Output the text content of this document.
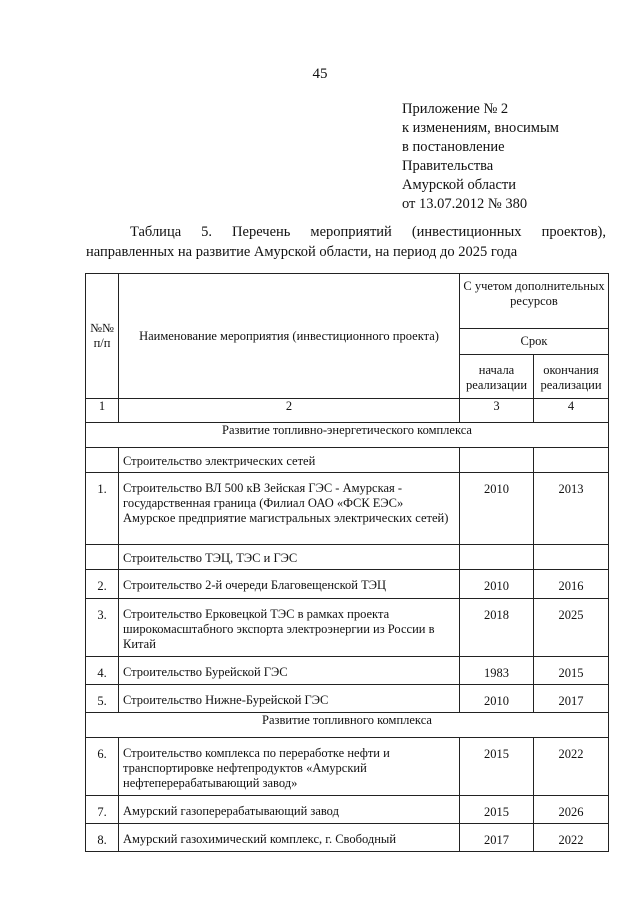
45
Приложение № 2
к изменениям, вносимым
в постановление
Правительства
Амурской области
от 13.07.2012 № 380
Таблица 5. Перечень мероприятий (инвестиционных проектов),
направленных на развитие Амурской области, на период до 2025 года
№№ п/п	Наименование мероприятия (инвестиционного проекта)	С учетом дополнительных ресурсов	
		Срок	
		начала реализации	окончания реализации
1	2	3	4
Развитие топливно-энергетического комплекса			
	Строительство электрических сетей		
1.	Строительство ВЛ 500 кВ Зейская ГЭС - Амурская - государственная граница (Филиал ОАО «ФСК ЕЭС» Амурское предприятие магистральных электрических сетей)	2010	2013
	Строительство ТЭЦ, ТЭС и ГЭС		
2.	Строительство 2-й очереди Благовещенской ТЭЦ	2010	2016
3.	Строительство Ерковецкой ТЭС в рамках проекта широкомасштабного экспорта электроэнергии из России в Китай	2018	2025
4.	Строительство Бурейской ГЭС	1983	2015
5.	Строительство Нижне-Бурейской ГЭС	2010	2017
Развитие топливного комплекса			
6.	Строительство комплекса по переработке нефти и транспортировке нефтепродуктов «Амурский нефтеперерабатывающий завод»	2015	2022
7.	Амурский газоперерабатывающий завод	2015	2026
8.	Амурский газохимический комплекс, г. Свободный	2017	2022
